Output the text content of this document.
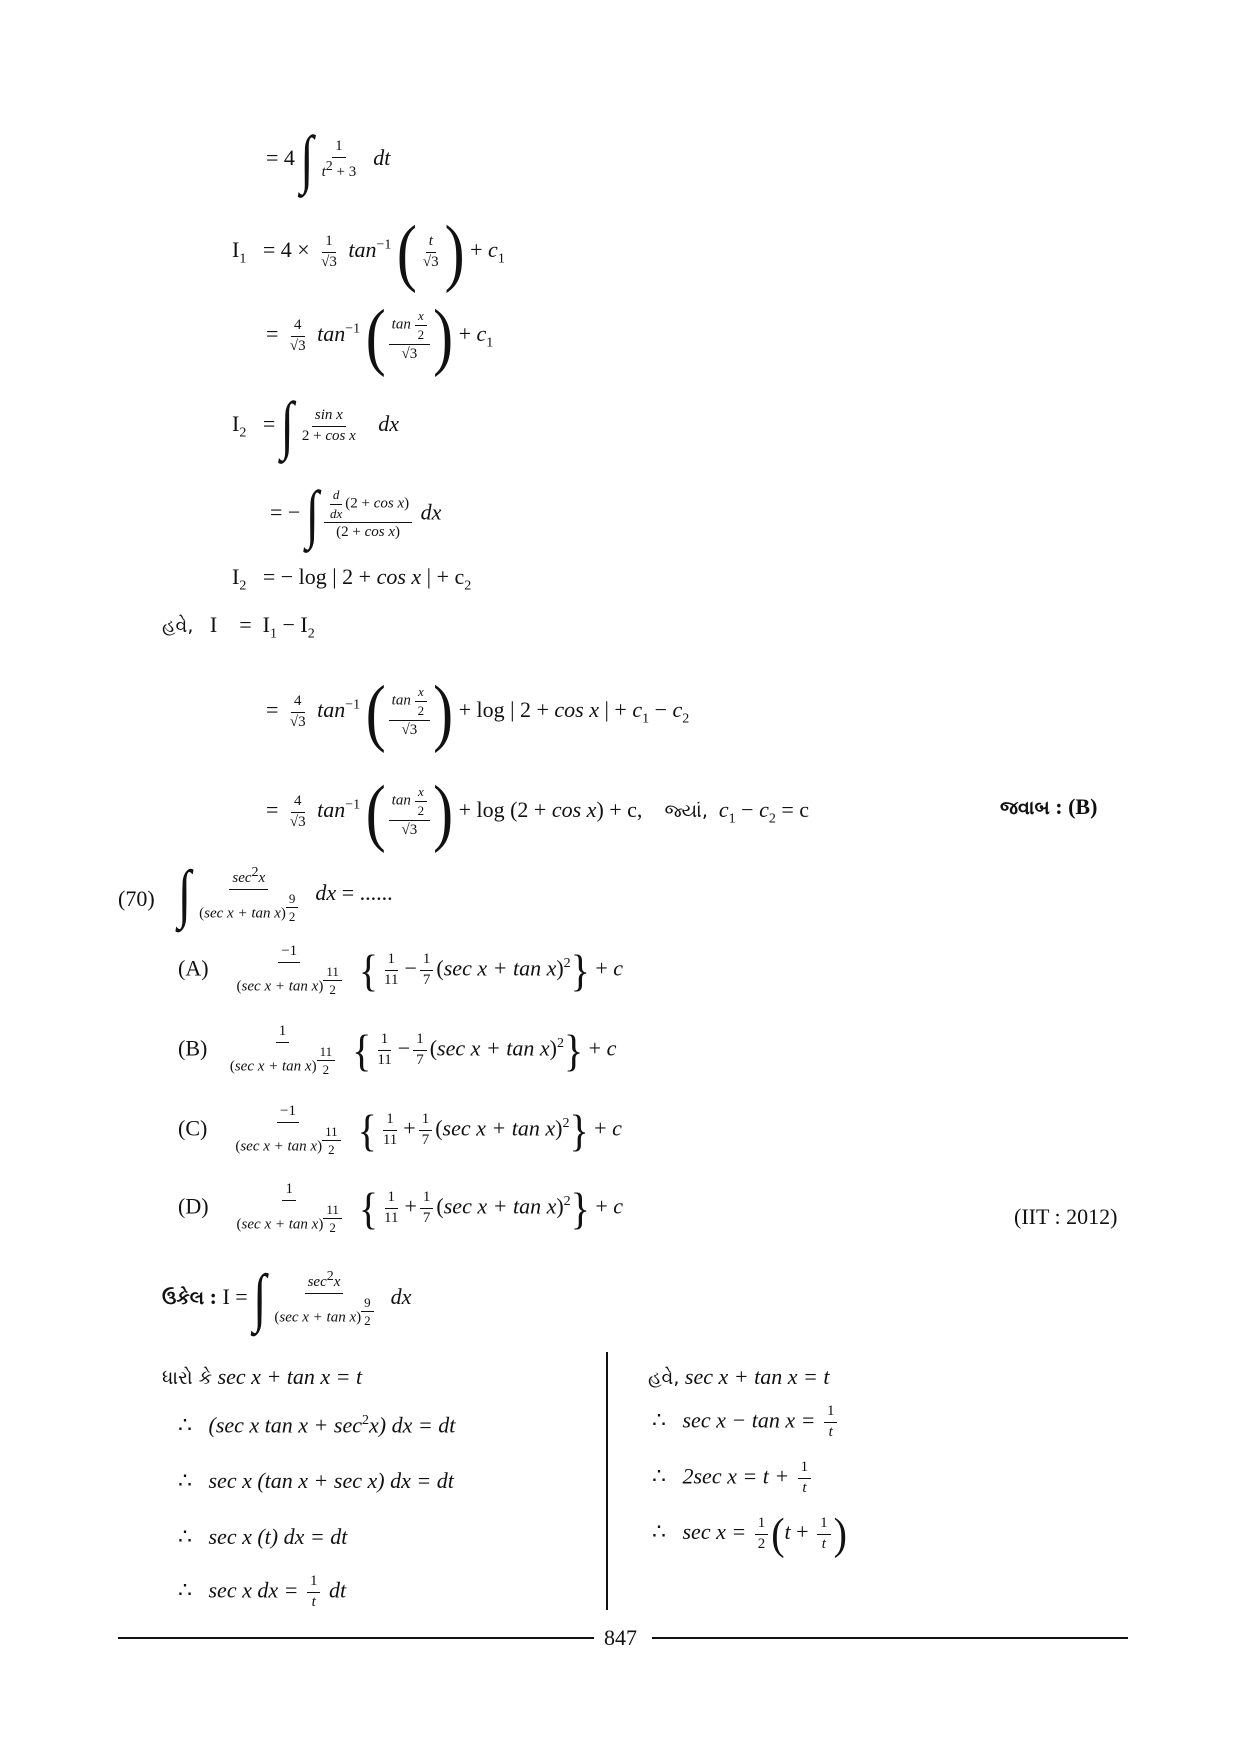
= 4 ∫ $\frac{1}{t^2 + 3}$ dt
$I_1 = 4 \times \frac{1}{√3} \tan^{-1}$ ( $\frac{t}{√3}$ ) + $c_1$
= $\frac{4}{√3} \tan^{-1}$ ( $\frac{\tan \frac{x}{2}}{√3}$ ) + $c_1$
$I_2$ = ∫ $\frac{\text{sin x}}{\text{2 + cos x}}$ dx
= − ∫ $\frac{d}{dx} (2 + \cos x)$
(2 + cos x)
dx
$I_2$ = − log | 2 + cos x | + $c_2$
હવે, $I = I_1 - I_2$
= $\frac{4}{√3} \tan^{-1}$ ( $\frac{\tan \frac{x}{2}}{√3}$ ) + log | 2 + cos x | + $c_1 - c_2$
= $\frac{4}{√3} \tan^{-1}$ ( $\frac{\tan \frac{x}{2}}{√3}$ ) + log (2 + cos x) + c, જ્યાં, $c_1 - c_2 = c$	જવાબ : (B)
(70) ∫	$\sec^2x$
(sec x + tan x) $^{\frac{9}{2}}$ dx = ......
(A)
−1
(sec x + tan x) $^{\frac{11}{2}}$ { $\frac{1}{11} - \frac{1}{7} (\sec$ x + tan x)$^2$} + c
(B)
1
(sec x + tan x) $^{\frac{11}{2}}$ { $\frac{1}{11} - \frac{1}{7} (\sec$ x + tan x)$^2$} + c
(C)
−1
(sec x + tan x) $^{\frac{11}{2}}$ { $\frac{1}{11} + \frac{1}{7} (\sec$ x + tan x)$^2$} + c
(D)
1
(sec x + tan x) $^{\frac{11}{2}}$ { $\frac{1}{11} + \frac{1}{7} (\sec$ x + tan x)$^2$} + c	(IIT : 2012)
ઉકેલ : I = ∫	$\sec^2x$
(sec x + tan x) $^{\frac{9}{2}}$ dx
ધારો કે sec x + tan x = t
∴ (sec x $\tan x + \sec^2x$) dx = dt
∴ sec x (tan x + sec x) dx = dt
∴ sec x (t) dx = dt
∴ sec x dx = $\frac{1}{t}$ dt
હવે, sec x + tan x = t
∴ $\sec x - \tan x = \frac{1}{t}$
∴ 2sec $x = t + \frac{1}{t}$
∴ $\sec x = \frac{1}{2} (t + \frac{1}{t}$ )
847
